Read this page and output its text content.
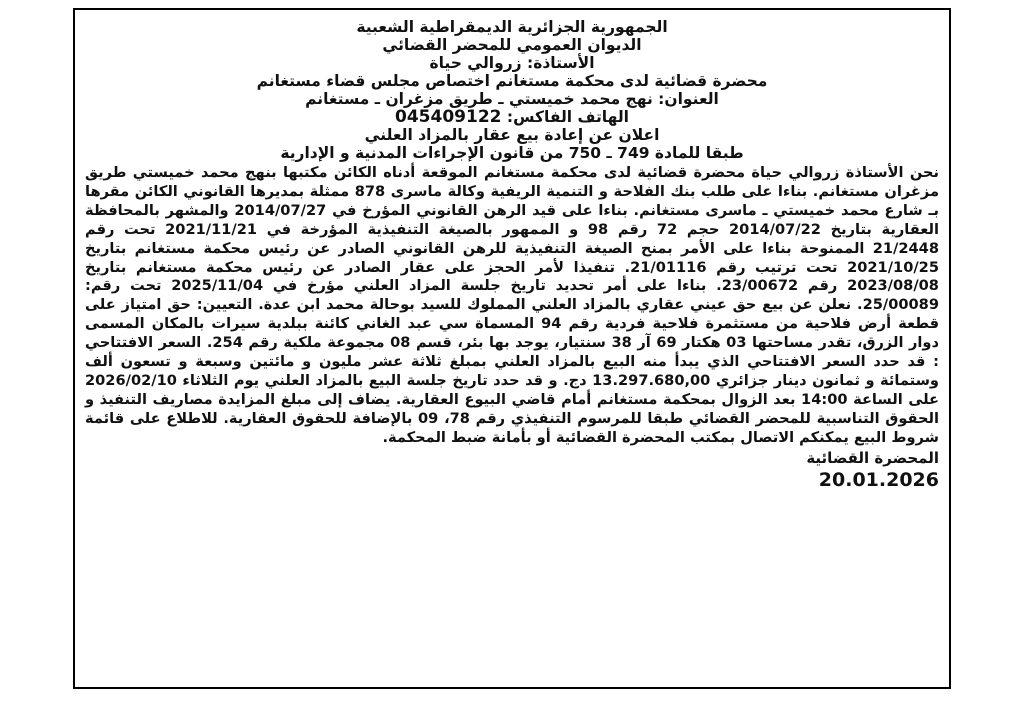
الجمهورية الجزائرية الديمقراطية الشعبية
الديوان العمومي للمحضر القضائي
الأستاذة: زروالي حياة
محضرة قضائية لدى محكمة مستغانم اختصاص مجلس قضاء مستغانم
العنوان: نهج محمد خميستي ـ طريق مزغران ـ مستغانم
الهاتف الفاكس: 045409122
اعلان عن إعادة بيع عقار بالمزاد العلني
طبقا للمادة 749 ـ 750 من قانون الإجراءات المدنية و الإدارية
نحن الأستاذة زروالي حياة محضرة قضائية لدى محكمة مستغانم الموقعة أدناه الكائن مكتبها بنهج محمد خميستي طريق مزغران مستغانم. بناءا على طلب بنك الفلاحة و التنمية الريفية وكالة ماسرى 878 ممثلة بمديرها القانوني الكائن مقرها بـ شارع محمد خميستي ـ ماسرى مستغانم. بناءا على قيد الرهن القانوني المؤرخ في 2014/07/27 والمشهر بالمحافظة العقارية بتاريخ 2014/07/22 حجم 72 رقم 98 و الممهور بالصيغة التنفيذية المؤرخة في 2021/11/21 تحت رقم 21/2448 الممنوحة بناءا على الأمر بمنح الصيغة التنفيذية للرهن القانوني الصادر عن رئيس محكمة مستغانم بتاريخ 2021/10/25 تحت ترتيب رقم 21/01116. تنفيذا لأمر الحجز على عقار الصادر عن رئيس محكمة مستغانم بتاريخ 2023/08/08 رقم 23/00672. بناءا على أمر تحديد تاريخ جلسة المزاد العلني مؤرخ في 2025/11/04 تحت رقم: 25/00089. نعلن عن بيع حق عيني عقاري بالمزاد العلني المملوك للسيد بوحالة محمد ابن عدة. التعيين: حق امتياز على قطعة أرض فلاحية من مستثمرة فلاحية فردية رقم 94 المسماة سي عبد الغاني كائنة ببلدية سيرات بالمكان المسمى دوار الزرق، تقدر مساحتها 03 هكتار 69 آر 38 سنتيار، يوجد بها بئر، قسم 08 مجموعة ملكية رقم 254. السعر الافتتاحي : قد حدد السعر الافتتاحي الذي يبدأ منه البيع بالمزاد العلني بمبلغ ثلاثة عشر مليون و مائتين وسبعة و تسعون ألف وستمائة و ثمانون دينار جزائري 13.297.680,00 دج. و قد حدد تاريخ جلسة البيع بالمزاد العلني يوم الثلاثاء 2026/02/10 على الساعة 14:00 بعد الزوال بمحكمة مستغانم أمام قاضي البيوع العقارية. يضاف إلى مبلغ المزايدة مصاريف التنفيذ و الحقوق التناسبية للمحضر القضائي طبقا للمرسوم التنفيذي رقم 78، 09 بالإضافة للحقوق العقارية. للاطلاع على قائمة شروط البيع يمكنكم الاتصال بمكتب المحضرة القضائية أو بأمانة ضبط المحكمة.
المحضرة القضائية
20.01.2026
